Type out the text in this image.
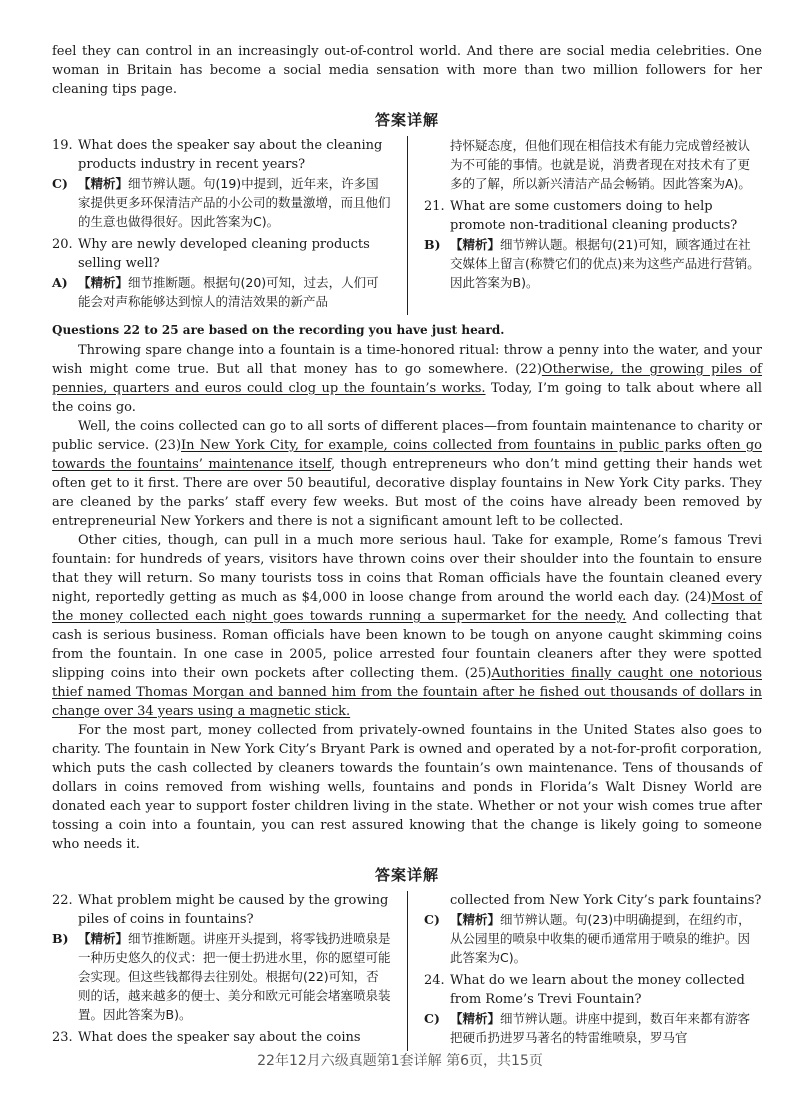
feel they can control in an increasingly out-of-control world. And there are social media celebrities. One woman in Britain has become a social media sensation with more than two million followers for her cleaning tips page.

答案详解
19. What does the speaker say about the cleaning products industry in recent years?
C) 【精析】细节辨认题。句(19)中提到，近年来，许多国家提供更多环保清洁产品的小公司的数量激增，而且他们的生意也做得很好。因此答案为C)。
20. Why are newly developed cleaning products selling well?
A) 【精析】细节推断题。根据句(20)可知，过去，人们可能会对声称能够达到惊人的清洁效果的新产品
持怀疑态度，但他们现在相信技术有能力完成曾经被认为不可能的事情。也就是说，消费者现在对技术有了更多的了解，所以新兴清洁产品会畅销。因此答案为A)。
21. What are some customers doing to help promote non-traditional cleaning products?
B) 【精析】细节辨认题。根据句(21)可知，顾客通过在社交媒体上留言(称赞它们的优点)来为这些产品进行营销。因此答案为B)。
Questions 22 to 25 are based on the recording you have just heard.

Throwing spare change into a fountain is a time-honored ritual: throw a penny into the water, and your wish might come true. But all that money has to go somewhere. (22)Otherwise, the growing piles of pennies, quarters and euros could clog up the fountain’s works. Today, I’m going to talk about where all the coins go.

Well, the coins collected can go to all sorts of different places—from fountain maintenance to charity or public service. (23)In New York City, for example, coins collected from fountains in public parks often go towards the fountains’ maintenance itself, though entrepreneurs who don’t mind getting their hands wet often get to it first. There are over 50 beautiful, decorative display fountains in New York City parks. They are cleaned by the parks’ staff every few weeks. But most of the coins have already been removed by entrepreneurial New Yorkers and there is not a significant amount left to be collected.

Other cities, though, can pull in a much more serious haul. Take for example, Rome’s famous Trevi fountain: for hundreds of years, visitors have thrown coins over their shoulder into the fountain to ensure that they will return. So many tourists toss in coins that Roman officials have the fountain cleaned every night, reportedly getting as much as $4,000 in loose change from around the world each day. (24)Most of the money collected each night goes towards running a supermarket for the needy. And collecting that cash is serious business. Roman officials have been known to be tough on anyone caught skimming coins from the fountain. In one case in 2005, police arrested four fountain cleaners after they were spotted slipping coins into their own pockets after collecting them. (25)Authorities finally caught one notorious thief named Thomas Morgan and banned him from the fountain after he fished out thousands of dollars in change over 34 years using a magnetic stick.

For the most part, money collected from privately-owned fountains in the United States also goes to charity. The fountain in New York City’s Bryant Park is owned and operated by a not-for-profit corporation, which puts the cash collected by cleaners towards the fountain’s own maintenance. Tens of thousands of dollars in coins removed from wishing wells, fountains and ponds in Florida’s Walt Disney World are donated each year to support foster children living in the state. Whether or not your wish comes true after tossing a coin into a fountain, you can rest assured knowing that the change is likely going to someone who needs it.

答案详解
22. What problem might be caused by the growing piles of coins in fountains?
B) 【精析】细节推断题。讲座开头提到，将零钱扔进喷泉是一种历史悠久的仪式：把一便士扔进水里，你的愿望可能会实现。但这些钱都得去往别处。根据句(22)可知，否则的话，越来越多的便士、美分和欧元可能会堵塞喷泉装置。因此答案为B)。
23. What does the speaker say about the coins
collected from New York City’s park fountains?
C) 【精析】细节辨认题。句(23)中明确提到，在纽约市，从公园里的喷泉中收集的硬币通常用于喷泉的维护。因此答案为C)。
24. What do we learn about the money collected from Rome’s Trevi Fountain?
C) 【精析】细节辨认题。讲座中提到，数百年来都有游客把硬币扔进罗马著名的特雷维喷泉，罗马官
22年12月六级真题第1套详解 第6页，共15页
